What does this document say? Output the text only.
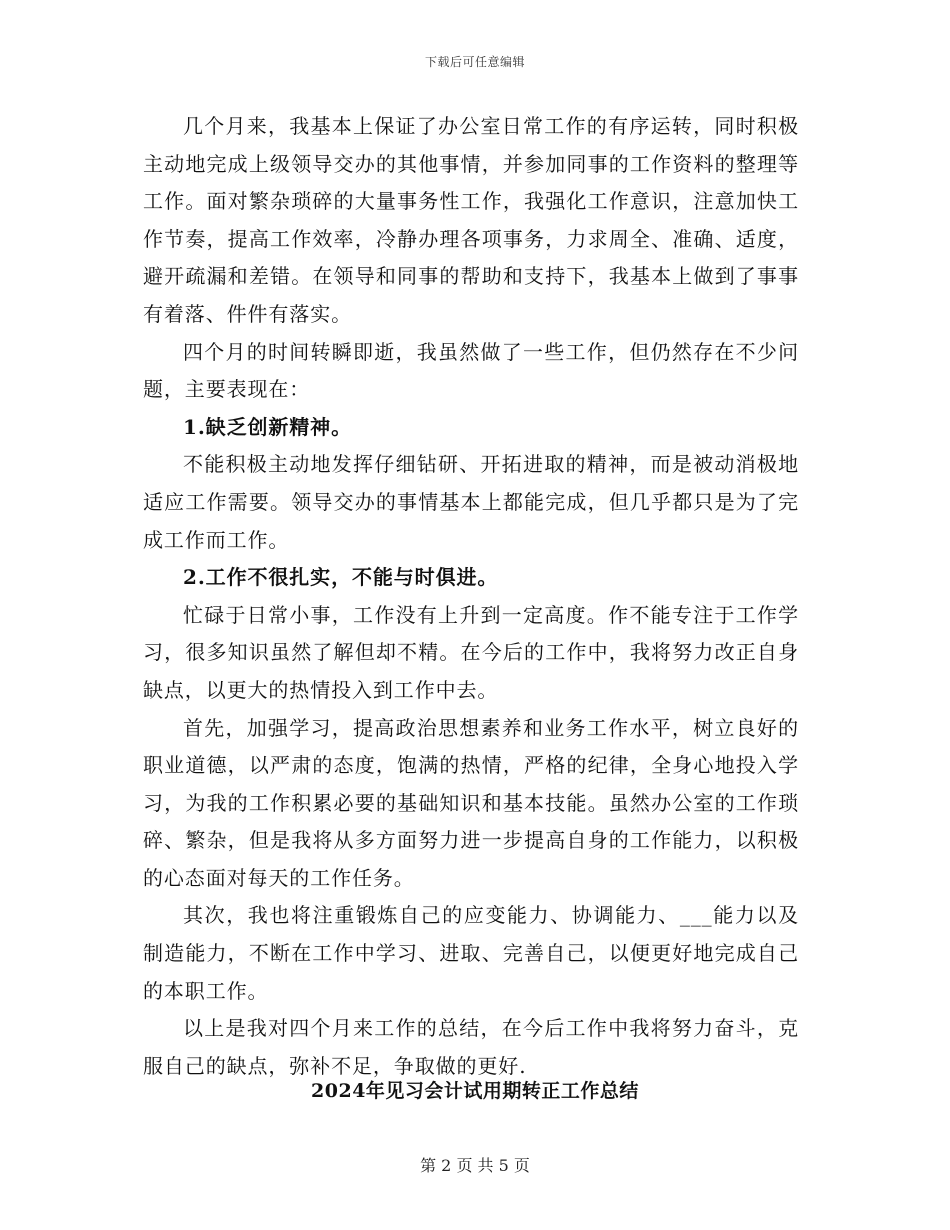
下载后可任意编辑

几个月来，我基本上保证了办公室日常工作的有序运转，同时积极主动地完成上级领导交办的其他事情，并参加同事的工作资料的整理等工作。面对繁杂琐碎的大量事务性工作，我强化工作意识，注意加快工作节奏，提高工作效率，冷静办理各项事务，力求周全、准确、适度，避开疏漏和差错。在领导和同事的帮助和支持下，我基本上做到了事事有着落、件件有落实。

四个月的时间转瞬即逝，我虽然做了一些工作，但仍然存在不少问题，主要表现在：

1.缺乏创新精神。

不能积极主动地发挥仔细钻研、开拓进取的精神，而是被动消极地适应工作需要。领导交办的事情基本上都能完成，但几乎都只是为了完成工作而工作。

2.工作不很扎实，不能与时俱进。

忙碌于日常小事，工作没有上升到一定高度。作不能专注于工作学习，很多知识虽然了解但却不精。在今后的工作中，我将努力改正自身缺点，以更大的热情投入到工作中去。

首先，加强学习，提高政治思想素养和业务工作水平，树立良好的职业道德，以严肃的态度，饱满的热情，严格的纪律，全身心地投入学习，为我的工作积累必要的基础知识和基本技能。虽然办公室的工作琐碎、繁杂，但是我将从多方面努力进一步提高自身的工作能力，以积极的心态面对每天的工作任务。

其次，我也将注重锻炼自己的应变能力、协调能力、___能力以及制造能力，不断在工作中学习、进取、完善自己，以便更好地完成自己的本职工作。

以上是我对四个月来工作的总结，在今后工作中我将努力奋斗，克服自己的缺点，弥补不足，争取做的更好.

2024年见习会计试用期转正工作总结
第 2 页 共 5 页
